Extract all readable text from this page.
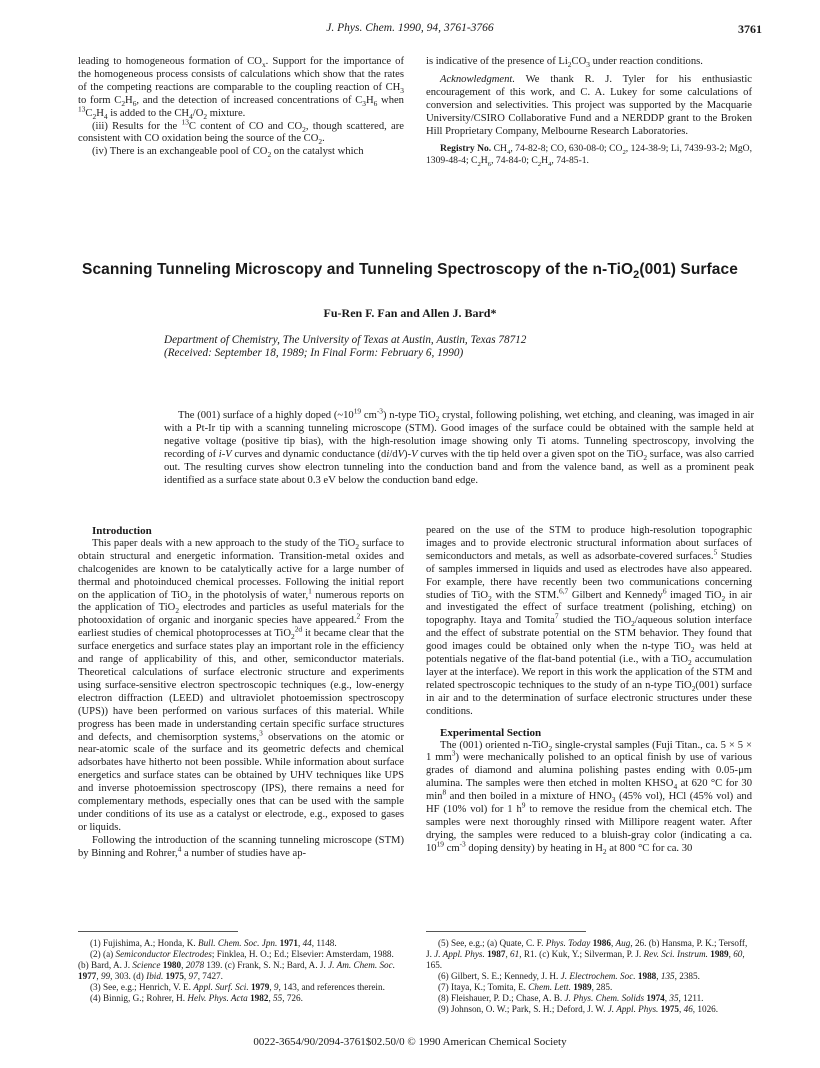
J. Phys. Chem. 1990, 94, 3761-3766	3761

leading to homogeneous formation of $CO_x$. Support for the importance of the homogeneous process consists of calculations which show that the rates of the competing reactions are comparable to the coupling reaction of $CH_3$ to form $C_2H_6$, and the detection of increased concentrations of $C_3H_6$ when $^{13}C_2H_4$ is added to the $CH_4/O_2$ mixture.

(iii) Results for the $^{13}$C content of CO and $CO_2$, though scattered, are consistent with CO oxidation being the source of the $CO_2$.

(iv) There is an exchangeable pool of $CO_2$ on the catalyst which

is indicative of the presence of $Li_2CO_3$ under reaction conditions.

Acknowledgment. We thank R. J. Tyler for his enthusiastic encouragement of this work, and C. A. Lukey for some calculations of conversion and selectivities. This project was supported by the Macquarie University/CSIRO Collaborative Fund and a NERDDP grant to the Broken Hill Proprietary Company, Melbourne Research Laboratories.

Registry No. $CH_4$, 74-82-8; CO, 630-08-0; $CO_2$, 124-38-9; Li, 7439-93-2; MgO, 1309-48-4; $C_2H_6$, 74-84-0; $C_2H_4$, 74-85-1.

Scanning Tunneling Microscopy and Tunneling Spectroscopy of the n-TiO$_2$(001) Surface
Fu-Ren F. Fan and Allen J. Bard*
Department of Chemistry, The University of Texas at Austin, Austin, Texas 78712
(Received: September 18, 1989; In Final Form: February 6, 1990)

The (001) surface of a highly doped ($\sim 10^{19}$ $cm^{-3}$) n-type TiO$_2$ crystal, following polishing, wet etching, and cleaning, was imaged in air with a Pt-Ir tip with a scanning tunneling microscope (STM). Good images of the surface could be obtained with the sample held at negative voltage (positive tip bias), with the high-resolution image showing only Ti atoms. Tunneling spectroscopy, involving the recording of i-V curves and dynamic conductance (di/dV)-V curves with the tip held over a given spot on the TiO$_2$ surface, was also carried out. The resulting curves show electron tunneling into the conduction band and from the valence band, as well as a prominent peak identified as a surface state about 0.3 eV below the conduction band edge.

Introduction

This paper deals with a new approach to the study of the TiO$_2$ surface to obtain structural and energetic information. Transition-metal oxides and chalcogenides are known to be catalytically active for a large number of thermal and photoinduced chemical processes. Following the initial report on the application of TiO$_2$ in the photolysis of water,$^1$ numerous reports on the application of TiO$_2$ electrodes and particles as useful materials for the photooxidation of organic and inorganic species have appeared.$^2$ From the earliest studies of chemical photoprocesses at TiO$_2^{2d}$ it became clear that the surface energetics and surface states play an important role in the efficiency and range of applicability of this, and other, semiconductor materials. Theoretical calculations of surface electronic structure and experiments using surface-sensitive electron spectroscopic techniques (e.g., low-energy electron diffraction (LEED) and ultraviolet photoemission spectroscopy (UPS)) have been performed on various surfaces of this material. While progress has been made in understanding certain specific surface structures and defects, and chemisorption systems,$^3$ observations on the atomic or near-atomic scale of the surface and its geometric defects and chemical adsorbates have hitherto not been possible. While information about surface energetics and surface states can be obtained by UHV techniques like UPS and inverse photoemission spectroscopy (IPS), there remains a need for complementary methods, especially ones that can be used with the sample under conditions of its use as a catalyst or electrode, e.g., exposed to gases or liquids.

Following the introduction of the scanning tunneling microscope (STM) by Binning and Rohrer,$^4$ a number of studies have ap-

peared on the use of the STM to produce high-resolution topographic images and to provide electronic structural information about surfaces of semiconductors and metals, as well as adsorbate-covered surfaces.$^5$ Studies of samples immersed in liquids and used as electrodes have also appeared. For example, there have recently been two communications concerning studies of TiO$_2$ with the STM.$^{6,7}$ Gilbert and Kennedy$^6$ imaged TiO$_2$ in air and investigated the effect of surface treatment (polishing, etching) on topography. Itaya and Tomita$^7$ studied the TiO$_2$/aqueous solution interface and the effect of substrate potential on the STM behavior. They found that good images could be obtained only when the n-type TiO$_2$ was held at potentials negative of the flat-band potential (i.e., with a TiO$_2$ accumulation layer at the interface). We report in this work the application of the STM and related spectroscopic techniques to the study of an n-type TiO$_2$(001) surface in air and to the determination of surface electronic structures under these conditions.

Experimental Section

The (001) oriented n-TiO$_2$ single-crystal samples (Fuji Titan., ca. 5 × 5 × 1 $mm^3$) were mechanically polished to an optical finish by use of various grades of diamond and alumina polishing pastes ending with 0.05-μm alumina. The samples were then etched in molten $KHSO_4$ at 620 °C for 30 $\min^8$ and then boiled in a mixture of $HNO_3$ (45% vol), HCl (45% vol) and HF (10% vol) for 1 $h^9$ to remove the residue from the chemical etch. The samples were next thoroughly rinsed with Millipore reagent water. After drying, the samples were reduced to a bluish-gray color (indicating a ca. $10^{19}$ $cm^{-3}$ doping density) by heating in $H_2$ at 800 °C for ca. 30

(1) Fujishima, A.; Honda, K. Bull. Chem. Soc. Jpn. 1971, 44, 1148.

(2) (a) Semiconductor Electrodes; Finklea, H. O.; Ed.; Elsevier: Amsterdam, 1988. (b) Bard, A. J. Science 1980, 2078 139. (c) Frank, S. N.; Bard, A. J. J. Am. Chem. Soc. 1977, 99, 303. (d) Ibid. 1975, 97, 7427.

(3) See, e.g.; Henrich, V. E. Appl. Surf. Sci. 1979, 9, 143, and references therein.

(4) Binnig, G.; Rohrer, H. Helv. Phys. Acta 1982, 55, 726.

(5) See, e.g.; (a) Quate, C. F. Phys. Today 1986, Aug, 26. (b) Hansma, P. K.; Tersoff, J. J. Appl. Phys. 1987, 61, R1. (c) Kuk, Y.; Silverman, P. J. Rev. Sci. Instrum. 1989, 60, 165.

(6) Gilbert, S. E.; Kennedy, J. H. J. Electrochem. Soc. 1988, 135, 2385.

(7) Itaya, K.; Tomita, E. Chem. Lett. 1989, 285.

(8) Fleishauer, P. D.; Chase, A. B. J. Phys. Chem. Solids 1974, 35, 1211.

(9) Johnson, O. W.; Park, S. H.; Deford, J. W. J. Appl. Phys. 1975, 46, 1026.

0022-3654/90/2094-3761$02.50/0 © 1990 American Chemical Society
